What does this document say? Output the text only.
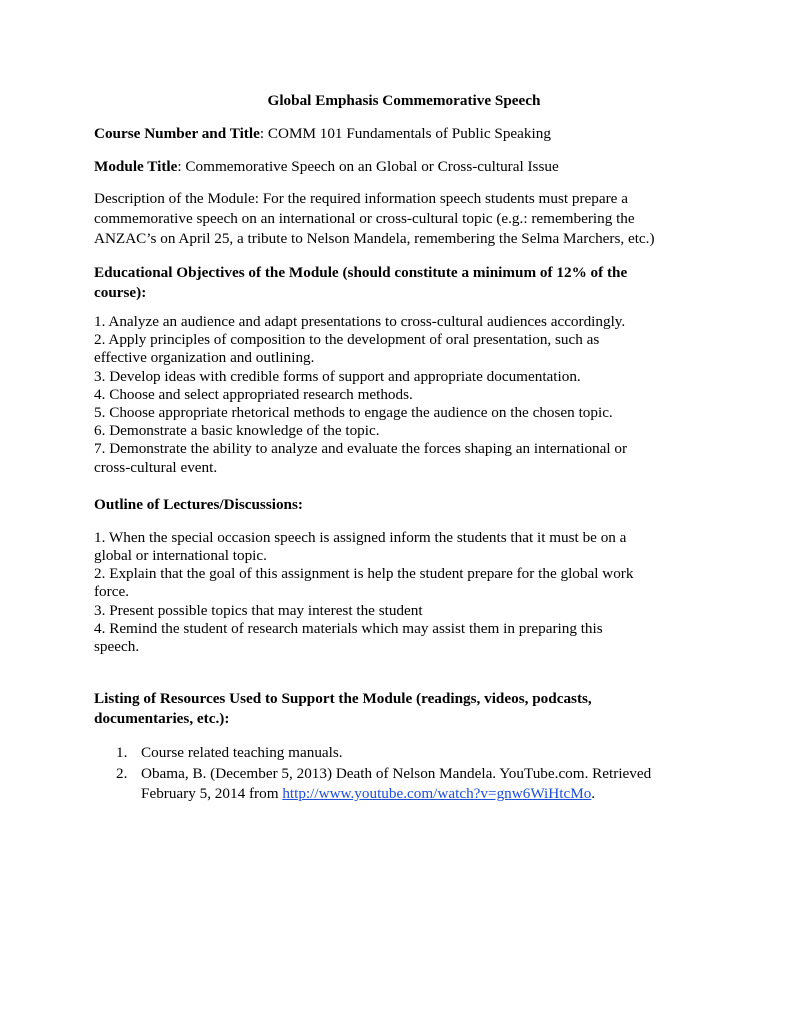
Global Emphasis Commemorative Speech

Course Number and Title: COMM 101 Fundamentals of Public Speaking

Module Title: Commemorative Speech on an Global or Cross-cultural Issue

Description of the Module: For the required information speech students must prepare a
commemorative speech on an international or cross-cultural topic (e.g.: remembering the
ANZAC’s on April 25, a tribute to Nelson Mandela, remembering the Selma Marchers, etc.)
Educational Objectives of the Module (should constitute a minimum of 12% of the
course):
1. Analyze an audience and adapt presentations to cross-cultural audiences accordingly.
2. Apply principles of composition to the development of oral presentation, such as
effective organization and outlining.
3. Develop ideas with credible forms of support and appropriate documentation.
4. Choose and select appropriated research methods.
5. Choose appropriate rhetorical methods to engage the audience on the chosen topic.
6. Demonstrate a basic knowledge of the topic.
7. Demonstrate the ability to analyze and evaluate the forces shaping an international or
cross-cultural event.
Outline of Lectures/Discussions:
1. When the special occasion speech is assigned inform the students that it must be on a
global or international topic.
2. Explain that the goal of this assignment is help the student prepare for the global work
force.
3. Present possible topics that may interest the student
4. Remind the student of research materials which may assist them in preparing this
speech.
Listing of Resources Used to Support the Module (readings, videos, podcasts,
documentaries, etc.):
1. Course related teaching manuals.
2. Obama, B. (December 5, 2013) Death of Nelson Mandela. YouTube.com. Retrieved
February 5, 2014 from http://www.youtube.com/watch?v=gnw6WiHtcMo.
